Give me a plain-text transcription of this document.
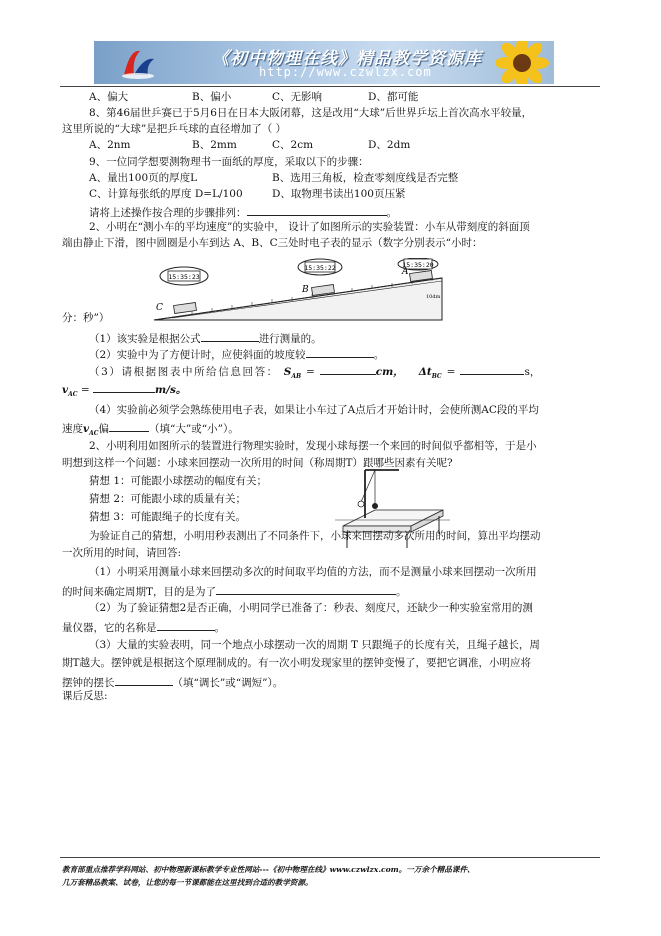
《初中物理在线》精品教学资源库
http://www.czwlzx.com
A、偏大	B、偏小	C、无影响	D、都可能
8、第46届世乒赛已于5月6日在日本大阪闭幕，这是改用“大球”后世界乒坛上首次高水平较量，
这里所说的“大球”是把乒乓球的直径增加了（ ）
A、2nm	B、2mm	C、2cm	D、2dm
9、一位同学想要测物理书一面纸的厚度，采取以下的步骤：
A、量出100页的厚度L	B、选用三角板，检查零刻度线是否完整
C、计算每张纸的厚度 D=L/100	D、取物理书读出100页压紧
请将上述操作按合理的步骤排列：	。
2、小明在“测小车的平均速度”的实验中， 设计了如图所示的实验装置：小车从带刻度的斜面顶
端由静止下滑，图中圆圈是小车到达 A、B、C三处时电子表的显示（数字分别表示“小时：
15:35:23
15:35:22	15:35:20
C
B
A
10dm
分：秒”）
（1）该实验是根据公式	进行测量的。
（2）实验中为了方便计时，应使斜面的坡度较	。
（3）请根据图表中所给信息回答： $S_{AB}$ =	cm， $\Delta t_{BC}$ =	s，
$v_{AC}$ =	m/s。
（4）实验前必须学会熟练使用电子表，如果让小车过了A点后才开始计时，会使所测AC段的平均
速度$v_{AC}$偏	（填“大”或“小”）。
2、小明利用如图所示的装置进行物理实验时，发现小球每摆一个来回的时间似乎都相等，于是小
明想到这样一个问题：小球来回摆动一次所用的时间（称周期T）跟哪些因素有关呢?
猜想 1：可能跟小球摆动的幅度有关；
猜想 2：可能跟小球的质量有关；
猜想 3：可能跟绳子的长度有关。
为验证自己的猜想，小明用秒表测出了不同条件下，小球来回摆动多次所用的时间，算出平均摆动
一次所用的时间，请回答:
（1）小明采用测量小球来回摆动多次的时间取平均值的方法，而不是测量小球来回摆动一次所用
的时间来确定周期T，目的是为了	。
（2）为了验证猜想2是否正确，小明同学已准备了：秒表、刻度尺，还缺少一种实验室常用的测
量仪器，它的名称是	。
（3）大量的实验表明，同一个地点小球摆动一次的周期 T 只跟绳子的长度有关，且绳子越长，周
期T越大。摆钟就是根据这个原理制成的。有一次小明发现家里的摆钟变慢了，要把它调准，小明应将
摆钟的摆长	（填“调长”或“调短”）。
课后反思:
教育部重点推荐学科网站、初中物理新课标教学专业性网站---《初中物理在线》www.czwlzx.com。一万余个精品课件、
几万套精品教案、试卷，让您的每一节课都能在这里找到合适的教学资源。
